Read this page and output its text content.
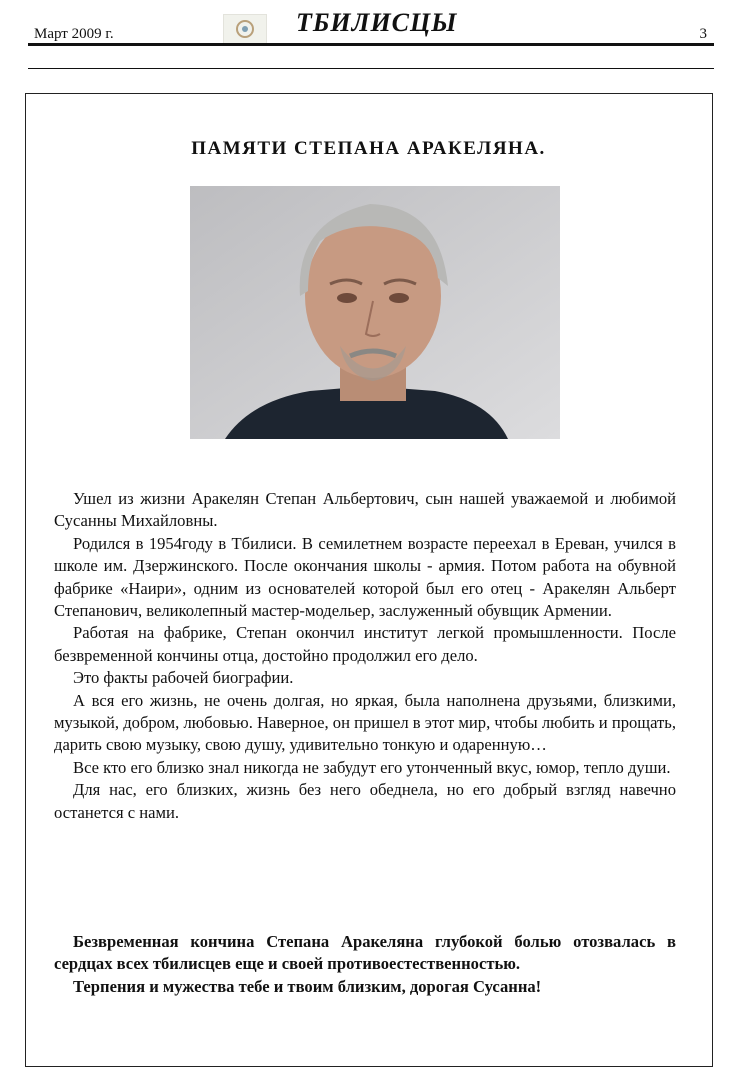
Март 2009 г.	ТБИЛИСЦЫ	3
ПАМЯТИ СТЕПАНА АРАКЕЛЯНА.

Ушел из жизни Аракелян Степан Альбертович, сын нашей уважаемой и любимой Сусанны Михайловны.

Родился в 1954году в Тбилиси. В семилетнем возрасте переехал в Ереван, учился в школе им. Дзержинского. После окончания школы - армия. Потом работа на обувной фабрике «Наири», одним из основателей которой был его отец - Аракелян Альберт Степанович, великолепный мастер-модельер, заслуженный обувщик Армении.

Работая на фабрике, Степан окончил институт легкой промышленности. После безвременной кончины отца, достойно продолжил его дело.

Это факты рабочей биографии.

А вся его жизнь, не очень долгая, но яркая, была наполнена друзьями, близкими, музыкой, добром, любовью. Наверное, он пришел в этот мир, чтобы любить и прощать, дарить свою музыку, свою душу, удивительно тонкую и одаренную…

Все кто его близко знал никогда не забудут его утонченный вкус, юмор, тепло души.

Для нас, его близких, жизнь без него обеднела, но его добрый взгляд навечно останется с нами.

Безвременная кончина Степана Аракеляна глубокой болью отозвалась в сердцах всех тбилисцев еще и своей противоестественностью.

Терпения и мужества тебе и твоим близким, дорогая Сусанна!
